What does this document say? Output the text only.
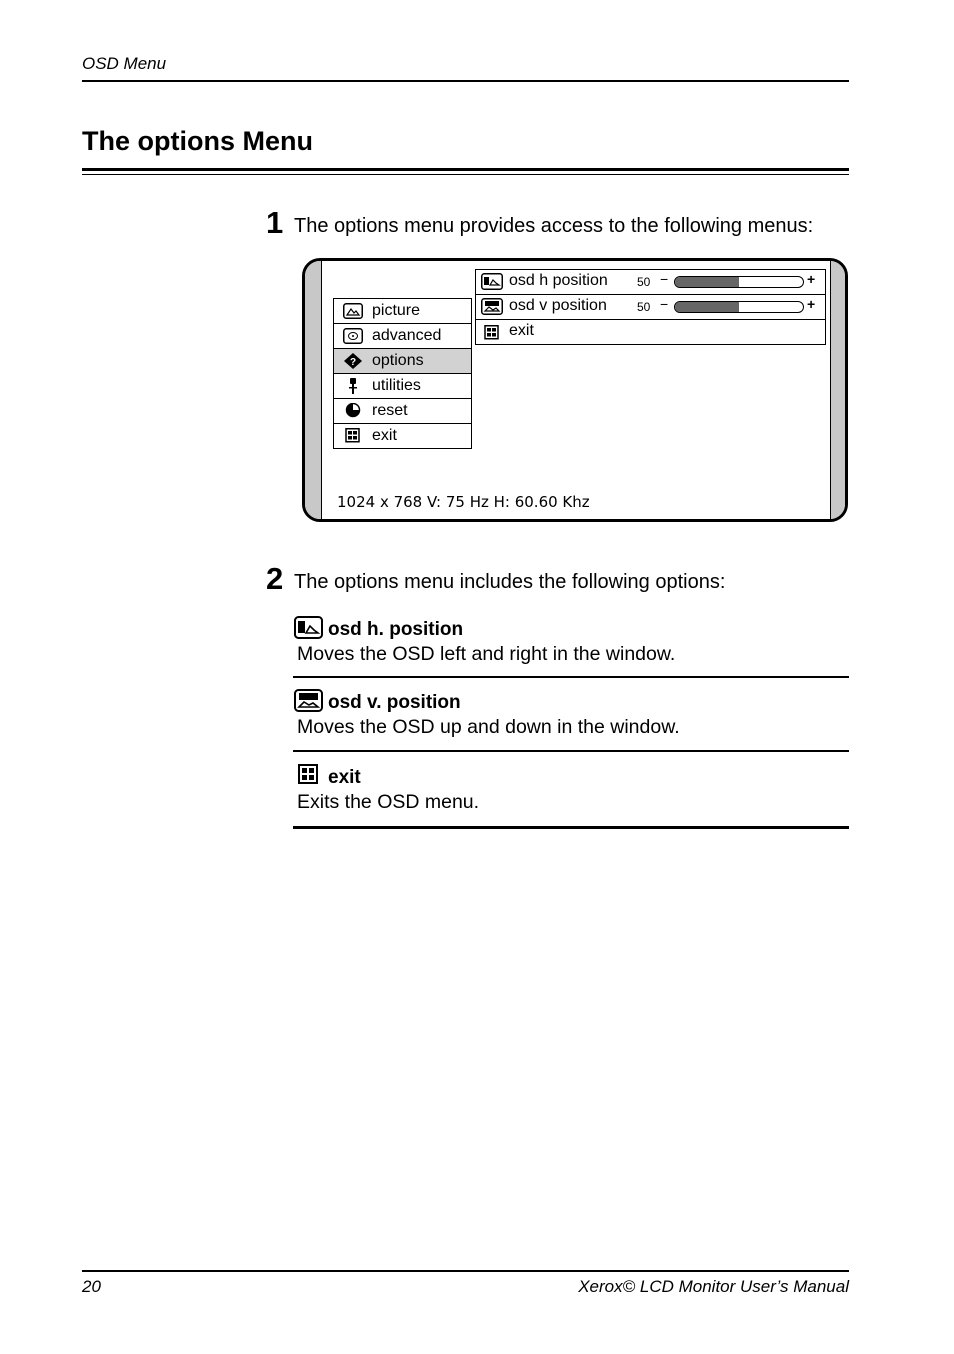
OSD Menu
The options Menu
1 The options menu provides access to the following menus:
picture
advanced
? options
utilities
reset
exit
osd h position 50 −	+
osd v position	50 −	+
exit
1024 x 768 V: 75 Hz H: 60.60 Khz
2 The options menu includes the following options:
osd h. position
Moves the OSD left and right in the window.
osd v. position
Moves the OSD up and down in the window.
exit
Exits the OSD menu.
20	Xerox© LCD Monitor User’s Manual
